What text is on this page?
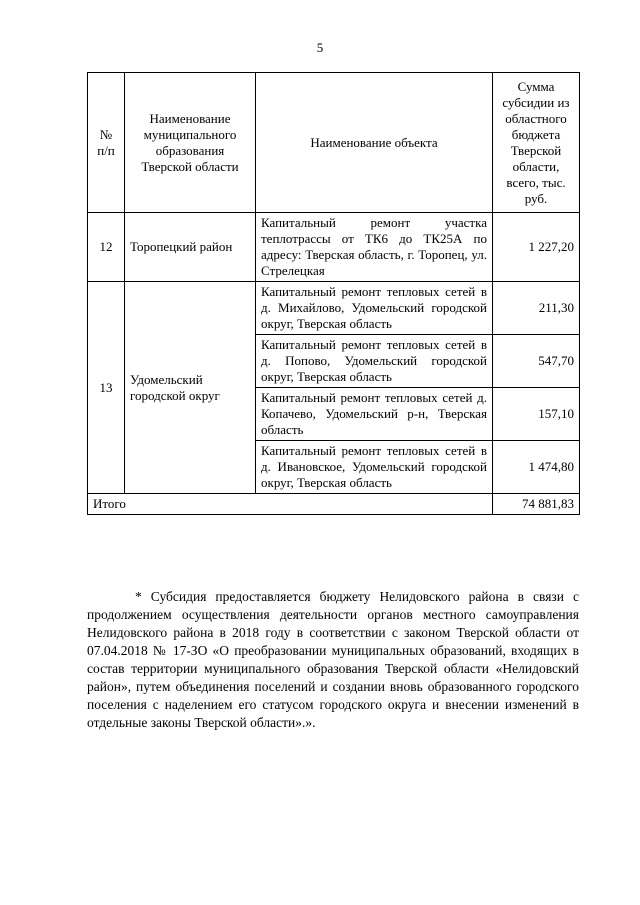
5
№ п/п	Наименование муниципального образования Тверской области	Наименование объекта	Сумма субсидии из областного бюджета Тверской области, всего, тыс. руб.
12	Торопецкий район	Капитальный ремонт участка теплотрассы от ТК6 до ТК25А по адресу: Тверская область, г. Торопец, ул. Стрелецкая	1 227,20
13	Удомельский городской округ	Капитальный ремонт тепловых сетей в д. Михайлово, Удомельский городской округ, Тверская область	211,30
		Капитальный ремонт тепловых сетей в д. Попово, Удомельский городской округ, Тверская область	547,70
		Капитальный ремонт тепловых сетей д. Копачево, Удомельский р-н, Тверская область	157,10
		Капитальный ремонт тепловых сетей в д. Ивановское, Удомельский городской округ, Тверская область	1 474,80
Итого			74 881,83

* Субсидия предоставляется бюджету Нелидовского района в связи с продолжением осуществления деятельности органов местного самоуправления Нелидовского района в 2018 году в соответствии с законом Тверской области от 07.04.2018 № 17-ЗО «О преобразовании муниципальных образований, входящих в состав территории муниципального образования Тверской области «Нелидовский район», путем объединения поселений и создании вновь образованного городского поселения с наделением его статусом городского округа и внесении изменений в отдельные законы Тверской области».».
